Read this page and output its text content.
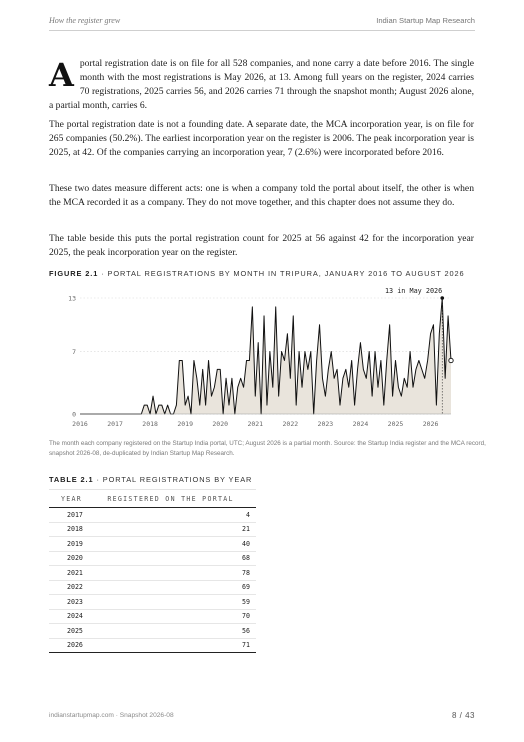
How the register grew	Indian Startup Map Research
A portal registration date is on file for all 528 companies, and none carry a date before 2016. The single month with the most registrations is May 2026, at 13. Among full years on the register, 2024 carries 70 registrations, 2025 carries 56, and 2026 carries 71 through the snapshot month; August 2026 alone, a partial month, carries 6.

The portal registration date is not a founding date. A separate date, the MCA incorporation year, is on file for 265 companies (50.2%). The earliest incorporation year on the register is 2006. The peak incorporation year is 2025, at 42. Of the companies carrying an incorporation year, 7 (2.6%) were incorporated before 2016.

These two dates measure different acts: one is when a company told the portal about itself, the other is when the MCA recorded it as a company. They do not move together, and this chapter does not assume they do.

The table beside this puts the portal registration count for 2025 at 56 against 42 for the incorporation year 2025, the peak incorporation year on the register.

FIGURE 2.1 · PORTAL REGISTRATIONS BY MONTH IN TRIPURA, JANUARY 2016 TO AUGUST 2026
0
7
13
2016	2017	2018	2019	2020	2021	2022	2023	2024	2025	2026
13 in May 2026
The month each company registered on the Startup India portal, UTC; August 2026 is a partial month. Source: the Startup India register and the MCA record, snapshot 2026-08, de-duplicated by Indian Startup Map Research.
TABLE 2.1 · PORTAL REGISTRATIONS BY YEAR
YEAR	REGISTERED ON THE PORTAL
2017	4
2018	21
2019	40
2020	68
2021	78
2022	69
2023	59
2024	70
2025	56
2026	71
indianstartupmap.com · Snapshot 2026-08	8 / 43
